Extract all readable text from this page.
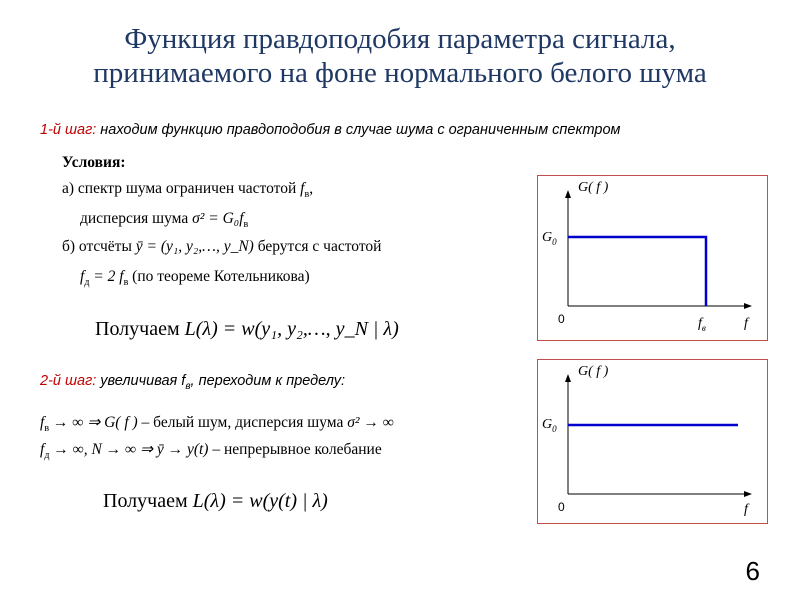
Функция правдоподобия параметра сигнала,
принимаемого на фоне нормального белого шума
1-й шаг: находим функцию правдоподобия в случае шума с ограниченным спектром
Условия:
а) спектр шума ограничен частотой $f_в$,
дисперсия шума $\sigma^2 = G_0f_в$
б) отсчёты ȳ = (y₁, y₂,…, y_N) берутся с частотой
$f_д = 2$ $f_в$ (по теореме Котельникова)
Получаем L(λ) = w(y₁, y₂,…, y_N | λ)
2-й шаг: увеличивая $f_в$, переходим к пределу:
$f_в$ → ∞ ⇒ G( f ) – белый шум, дисперсия шума σ² → ∞
$f_д$ → ∞, N → ∞ ⇒ ȳ → y(t) – непрерывное колебание
Получаем L(λ) = w(y(t) | λ)
G( f )
$G_0$
0	$f_в$	f
G( f )
$G_0$
0	f
6
